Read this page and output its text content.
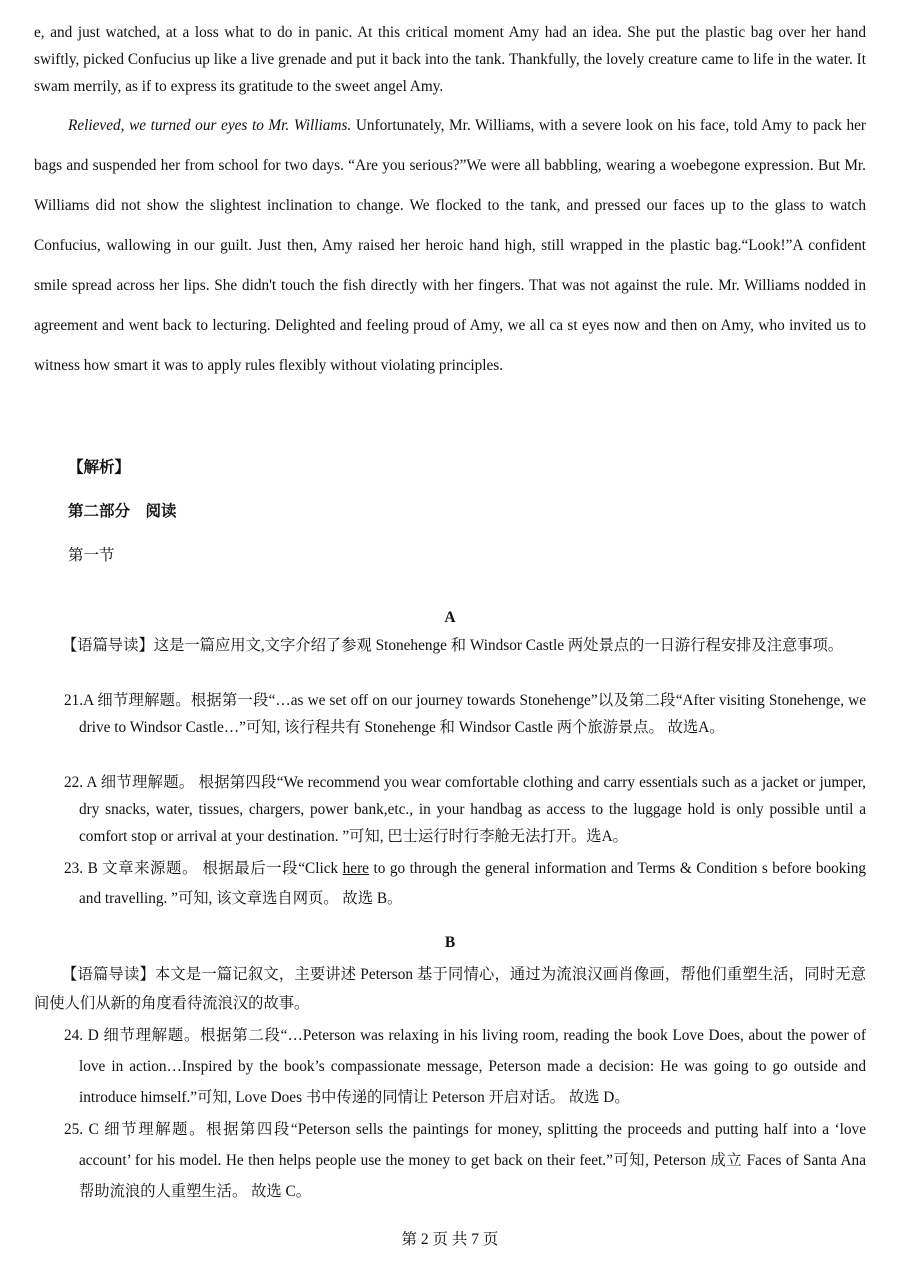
e, and just watched, at a loss what to do in panic. At this critical moment Amy had an idea. She put the plastic bag over her hand swiftly, picked Confucius up like a live grenade and put it back into the tank. Thankfully, the lovely creature came to life in the water. It swam merrily, as if to express its gratitude to the sweet angel Amy.
Relieved, we turned our eyes to Mr. Williams. Unfortunately, Mr. Williams, with a severe look on his face, told Amy to pack her bags and suspended her from school for two days. “Are you serious?”We were all babbling, wearing a woebegone expression. But Mr. Williams did not show the slightest inclination to change. We flocked to the tank, and pressed our faces up to the glass to watch Confucius, wallowing in our guilt. Just then, Amy raised her heroic hand high, still wrapped in the plastic bag.“Look!”A confident smile spread across her lips. She didn't touch the fish directly with her fingers. That was not against the rule. Mr. Williams nodded in agreement and went back to lecturing. Delighted and feeling proud of Amy, we all ca st eyes now and then on Amy, who invited us to witness how smart it was to apply rules flexibly without violating principles.
【解析】
第二部分　阅读
第一节
A
【语篇导读】这是一篇应用文,文字介绍了参观 Stonehenge 和 Windsor Castle 两处景点的一日游行程安排及注意事项。
21.A 细节理解题。根据第一段“…as we set off on our journey towards Stonehenge”以及第二段“After visiting Stonehenge, we drive to Windsor Castle…”可知, 该行程共有 Stonehenge 和 Windsor Castle 两个旅游景点。 故选A。
22. A 细节理解题。 根据第四段“We recommend you wear comfortable clothing and carry essentials such as a jacket or jumper, dry snacks, water, tissues, chargers, power bank,etc., in your handbag as access to the luggage hold is only possible until a comfort stop or arrival at your destination. ”可知, 巴士运行时行李舱无法打开。选A。
23. B 文章来源题。 根据最后一段“Click here to go through the general information and Terms & Condition s before booking and travelling. ”可知, 该文章选自网页。 故选 B。
B
【语篇导读】本文是一篇记叙文，主要讲述 Peterson 基于同情心，通过为流浪汉画肖像画，帮他们重塑生活，同时无意间使人们从新的角度看待流浪汉的故事。
24. D 细节理解题。根据第二段“…Peterson was relaxing in his living room, reading the book Love Does, about the power of love in action…Inspired by the book’s compassionate message, Peterson made a decision: He was going to go outside and introduce himself.”可知, Love Does 书中传递的同情让 Peterson 开启对话。 故选 D。
25. C 细节理解题。根据第四段“Peterson sells the paintings for money, splitting the proceeds and putting half into a ‘love account’ for his model. He then helps people use the money to get back on their feet.”可知, Peterson 成立 Faces of Santa Ana 帮助流浪的人重塑生活。 故选 C。
第 2 页 共 7 页
